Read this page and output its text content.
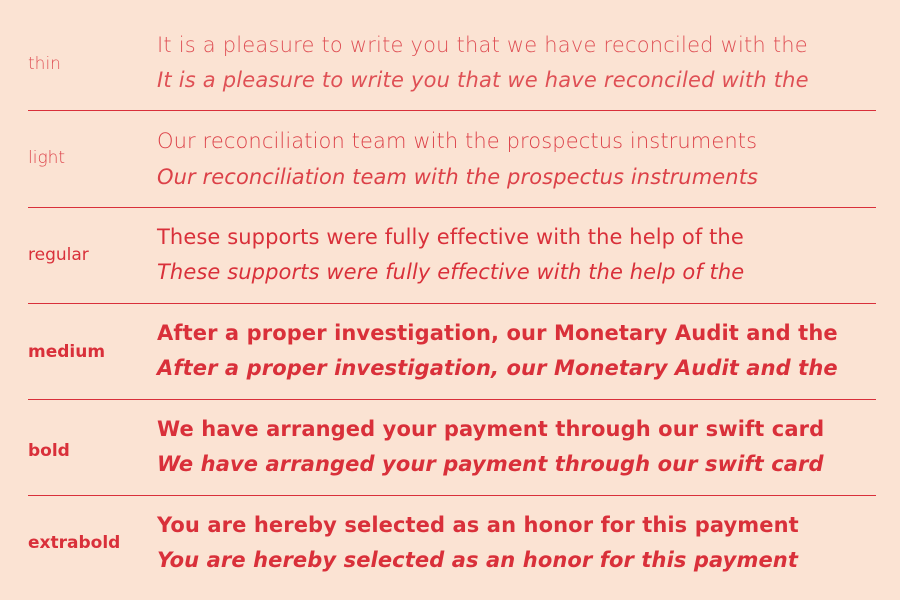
thin
It is a pleasure to write you that we have reconciled with the
It is a pleasure to write you that we have reconciled with the
light
Our reconciliation team with the prospectus instruments
Our reconciliation team with the prospectus instruments
regular
These supports were fully effective with the help of the
These supports were fully effective with the help of the
medium
After a proper investigation, our Monetary Audit and the
After a proper investigation, our Monetary Audit and the
bold
We have arranged your payment through our swift card
We have arranged your payment through our swift card
extrabold
You are hereby selected as an honor for this payment
You are hereby selected as an honor for this payment
